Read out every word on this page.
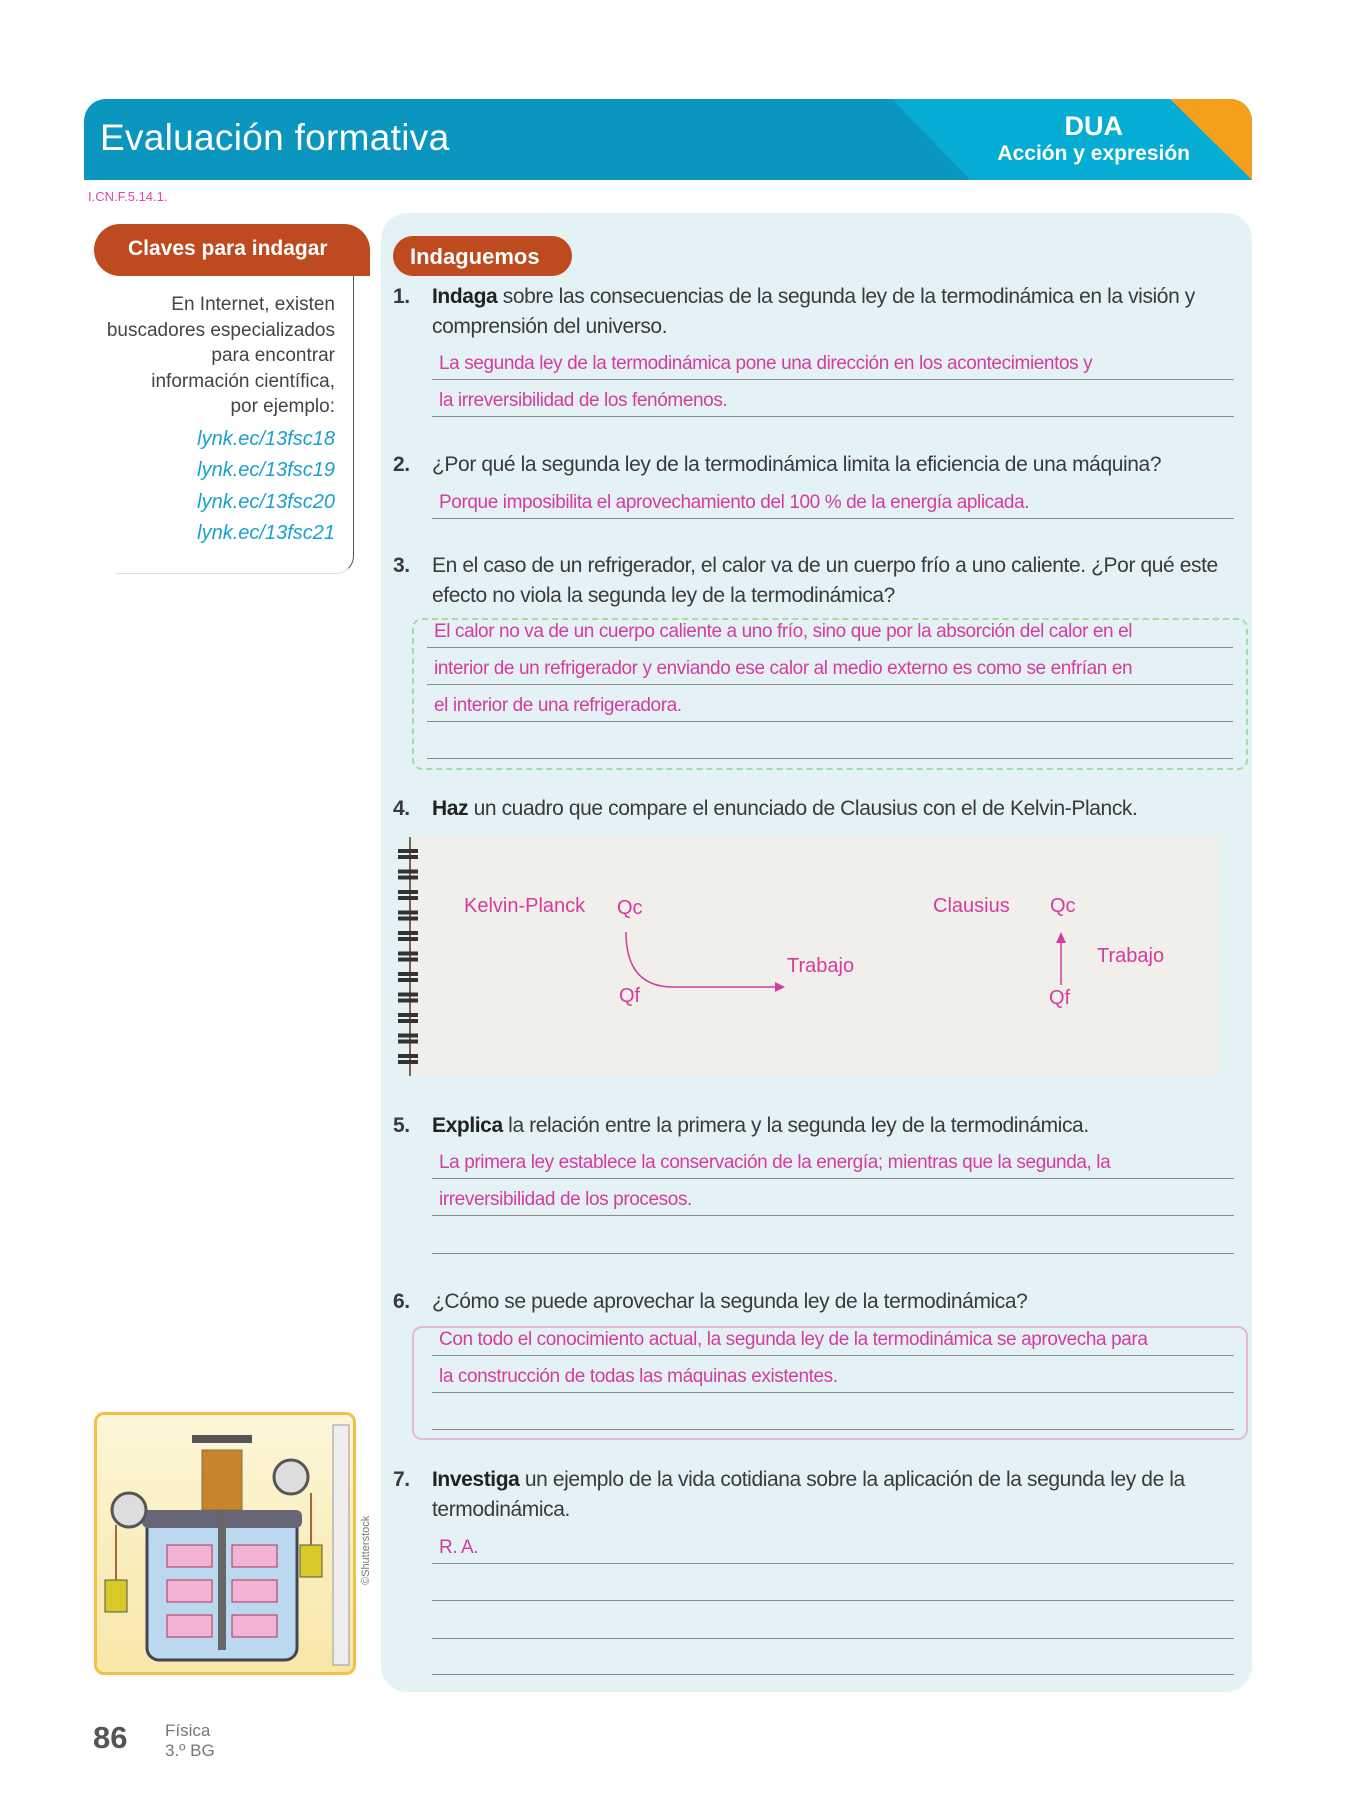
Evaluación formativa	DUA
Acción y expresión
I.CN.F.5.14.1.
Claves para indagar
En Internet, existen
buscadores especializados
para encontrar
información científica,
por ejemplo:
lynk.ec/13fsc18
lynk.ec/13fsc19
lynk.ec/13fsc20
lynk.ec/13fsc21
©Shutterstock
Indaguemos
1. Indaga sobre las consecuencias de la segunda ley de la termodinámica en la visión y comprensión del universo.
La segunda ley de la termodinámica pone una dirección en los acontecimientos y
la irreversibilidad de los fenómenos.
2. ¿Por qué la segunda ley de la termodinámica limita la eficiencia de una máquina?
Porque imposibilita el aprovechamiento del 100 % de la energía aplicada.
3. En el caso de un refrigerador, el calor va de un cuerpo frío a uno caliente. ¿Por qué este efecto no viola la segunda ley de la termodinámica?
El calor no va de un cuerpo caliente a uno frío, sino que por la absorción del calor en el
interior de un refrigerador y enviando ese calor al medio externo es como se enfrían en
el interior de una refrigeradora.
4. Haz un cuadro que compare el enunciado de Clausius con el de Kelvin-Planck.
Kelvin-Planck Qc
Qf
Trabajo
Clausius Qc
Qf
Trabajo
5. Explica la relación entre la primera y la segunda ley de la termodinámica.
La primera ley establece la conservación de la energía; mientras que la segunda, la
irreversibilidad de los procesos.
6. ¿Cómo se puede aprovechar la segunda ley de la termodinámica?
Con todo el conocimiento actual, la segunda ley de la termodinámica se aprovecha para
la construcción de todas las máquinas existentes.
7. Investiga un ejemplo de la vida cotidiana sobre la aplicación de la segunda ley de la termodinámica.
R. A.
86 Física
3.º BG
